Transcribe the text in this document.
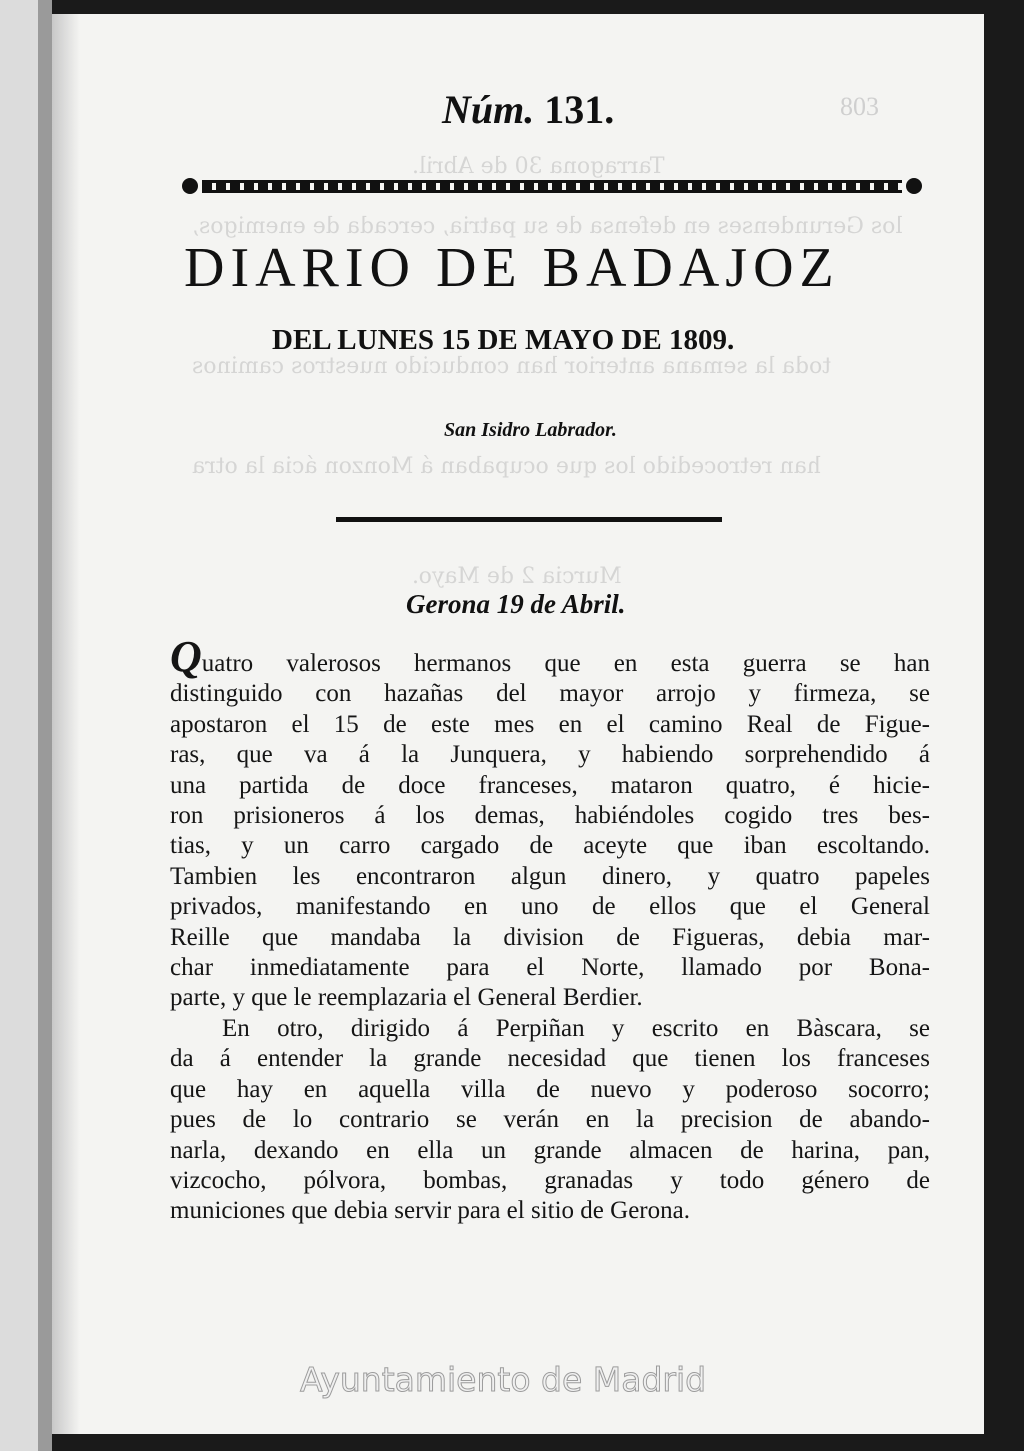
Tarragona 30 de Abril.
los Gerundenses en defensa de su patria, cercada de enemigos,
toda la semana anterior han conducido nuestros caminos
han retrocedido los que ocupaban á Monzon ácia la otra
Murcia 2 de Mayo.
803
Núm. 131.
DIARIO DE BADAJOZ
DEL LUNES 15 DE MAYO DE 1809.
San Isidro Labrador.
Gerona 19 de Abril.
Quatro valerosos hermanos que en esta guerra se han
distinguido con hazañas del mayor arrojo y firmeza, se
apostaron el 15 de este mes en el camino Real de Figue-
ras, que va á la Junquera, y habiendo sorprehendido á
una partida de doce franceses, mataron quatro, é hicie-
ron prisioneros á los demas, habiéndoles cogido tres bes-
tias, y un carro cargado de aceyte que iban escoltando.
Tambien les encontraron algun dinero, y quatro papeles
privados, manifestando en uno de ellos que el General
Reille que mandaba la division de Figueras, debia mar-
char inmediatamente para el Norte, llamado por Bona-
parte, y que le reemplazaria el General Berdier.
En otro, dirigido á Perpiñan y escrito en Bàscara, se
da á entender la grande necesidad que tienen los franceses
que hay en aquella villa de nuevo y poderoso socorro;
pues de lo contrario se verán en la precision de abando-
narla, dexando en ella un grande almacen de harina, pan,
vizcocho, pólvora, bombas, granadas y todo género de
municiones que debia servir para el sitio de Gerona.
Ayuntamiento de Madrid
